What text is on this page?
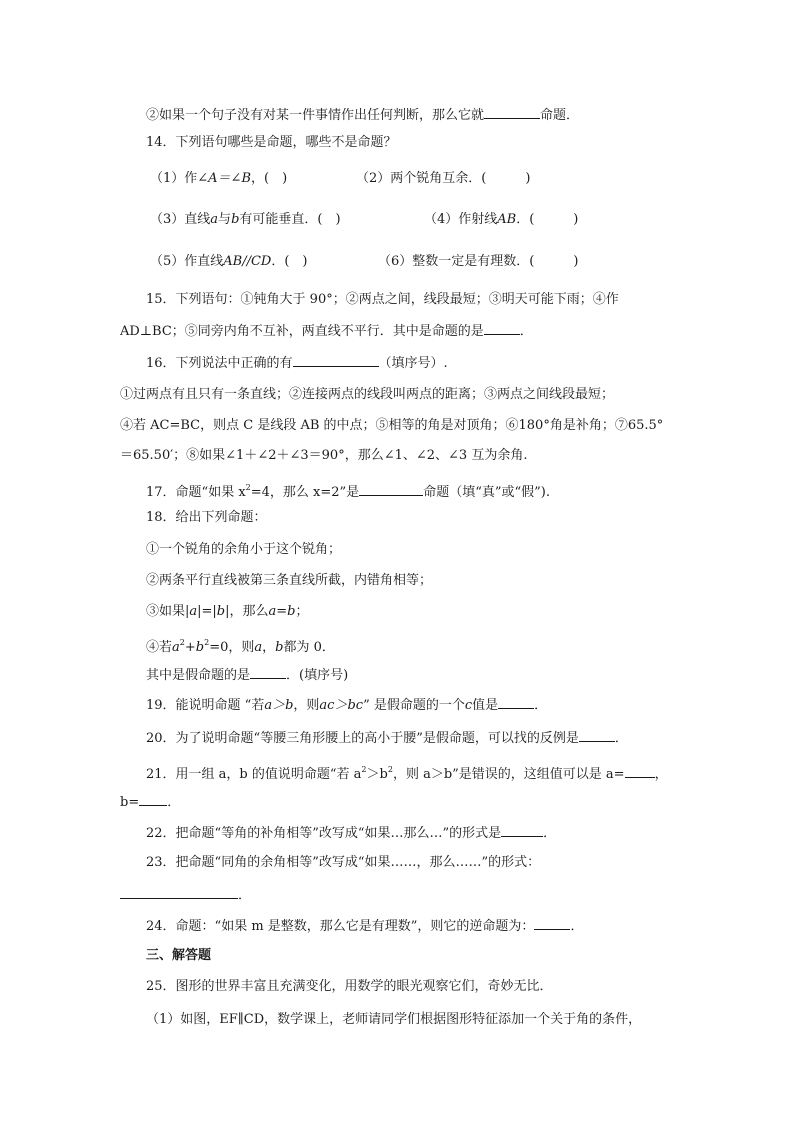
②如果一个句子没有对某一件事情作出任何判断，那么它就	命题．
14．下列语句哪些是命题，哪些不是命题？
（1）作∠A＝∠B，(　)	（2）两个锐角互余．(　　　)
（3）直线a与b有可能垂直．(　)	（4）作射线AB．(　　　)
（5）作直线AB//CD．(　)	（6）整数一定是有理数．(　　　)
15．下列语句：①钝角大于 90°；②两点之间，线段最短；③明天可能下雨；④作
AD⊥BC；⑤同旁内角不互补，两直线不平行．其中是命题的是	．
16．下列说法中正确的有	（填序号）.
①过两点有且只有一条直线；②连接两点的线段叫两点的距离；③两点之间线段最短；
④若 AC=BC，则点 C 是线段 AB 的中点；⑤相等的角是对顶角；⑥180°角是补角；⑦65.5°
＝65.50′；⑧如果∠1＋∠2＋∠3＝90°，那么∠1、∠2、∠3 互为余角.
17．命题“如果 $x^2=4$，那么 x=2”是	命题（填“真”或“假”).
18．给出下列命题：
①一个锐角的余角小于这个锐角；
②两条平行直线被第三条直线所截，内错角相等；
③如果|a|=|b|，那么a=b；
④若$a^2+b^2=0$，则a，b都为 0．
其中是假命题的是	．(填序号)
19．能说明命题 “若a＞b，则ac＞bc” 是假命题的一个c值是	．
20．为了说明命题“等腰三角形腰上的高小于腰”是假命题，可以找的反例是	．
21．用一组 a，b 的值说明命题“若 $a^2>b^2$，则 a＞b”是错误的，这组值可以是 a= ，
b= ．
22．把命题“等角的补角相等”改写成“如果…那么…”的形式是	．
23．把命题“同角的余角相等”改写成“如果……，那么……”的形式：
．
24．命题：“如果 m 是整数，那么它是有理数”，则它的逆命题为：	．
三、解答题
25．图形的世界丰富且充满变化，用数学的眼光观察它们，奇妙无比．
（1）如图，EF∥CD，数学课上，老师请同学们根据图形特征添加一个关于角的条件，
